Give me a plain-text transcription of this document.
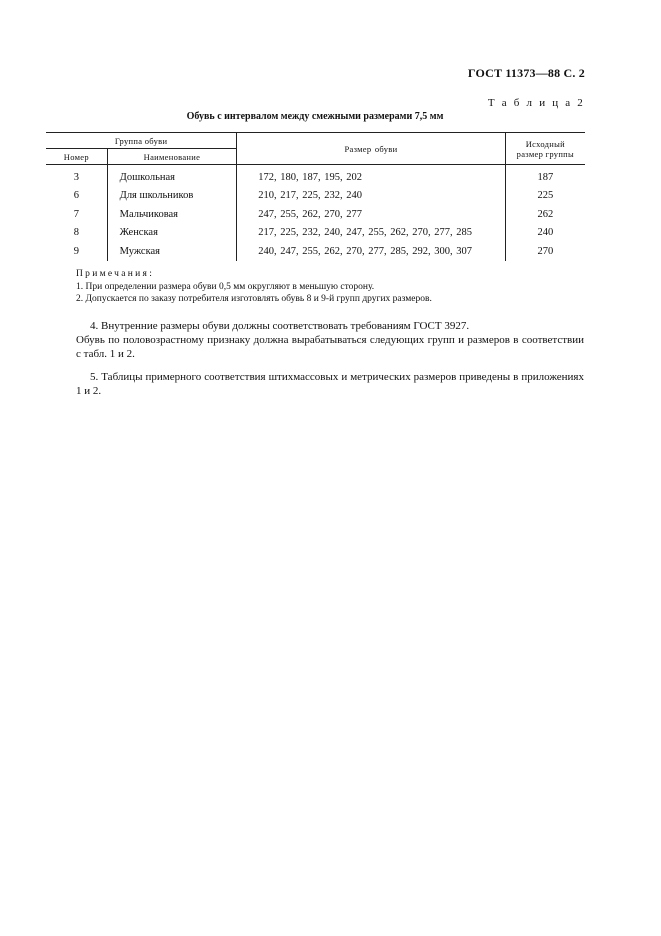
ГОСТ 11373—88 С. 2
Т а б л и ц а 2
Обувь с интервалом между смежными размерами 7,5 мм
Группа обуви		Размер обуви	Исходный
размер группы

Номер	Наименование		
3	Дошкольная	172, 180, 187, 195, 202	187
6	Для школьников	210, 217, 225, 232, 240	225
7	Мальчиковая	247, 255, 262, 270, 277	262
8	Женская	217, 225, 232, 240, 247, 255, 262, 270, 277, 285	240
9	Мужская	240, 247, 255, 262, 270, 277, 285, 292, 300, 307	270
Примечания:
1. При определении размера обуви 0,5 мм округляют в меньшую сторону.
2. Допускается по заказу потребителя изготовлять обувь 8 и 9-й групп других размеров.
4. Внутренние размеры обуви должны соответствовать требованиям ГОСТ 3927.
Обувь по половозрастному признаку должна вырабатываться следующих групп и размеров в соответствии с табл. 1 и 2.
5. Таблицы примерного соответствия штихмассовых и метрических размеров приведены в приложениях 1 и 2.
